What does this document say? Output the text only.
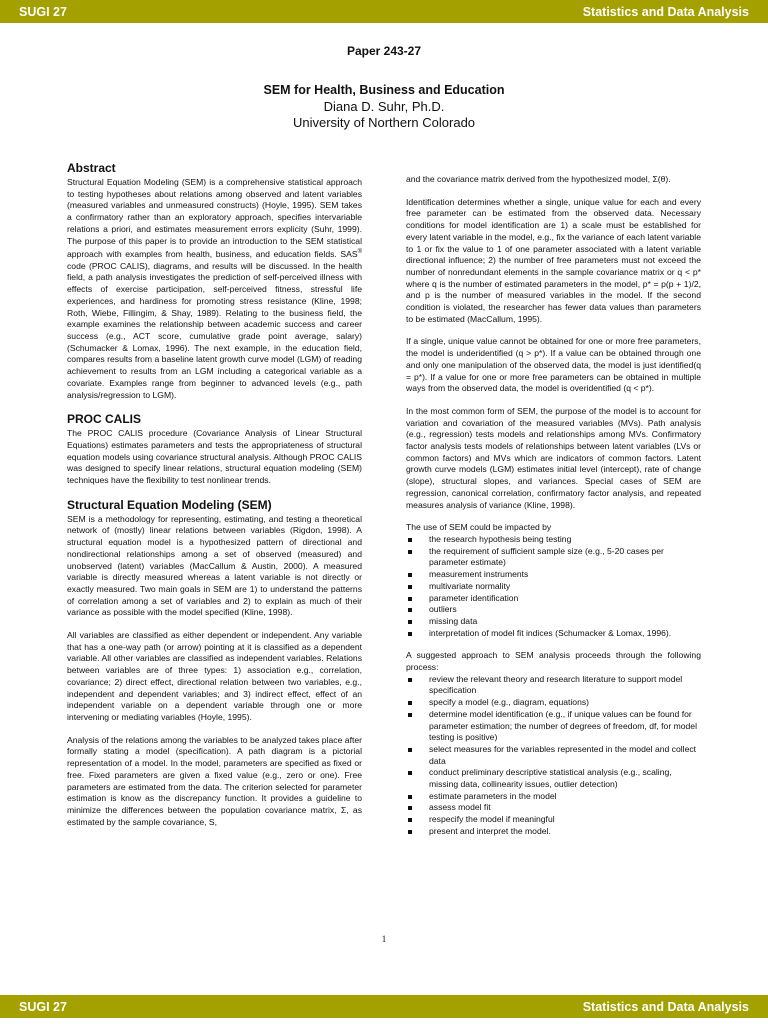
SUGI 27	Statistics and Data Analysis
Paper 243-27
SEM for Health, Business and Education
Diana D. Suhr, Ph.D.
University of Northern Colorado
Abstract

Structural Equation Modeling (SEM) is a comprehensive statistical approach to testing hypotheses about relations among observed and latent variables (measured variables and unmeasured constructs) (Hoyle, 1995). SEM takes a confirmatory rather than an exploratory approach, specifies intervariable relations a priori, and estimates measurement errors explicity (Suhr, 1999). The purpose of this paper is to provide an introduction to the SEM statistical approach with examples from health, business, and education fields. SAS® code (PROC CALIS), diagrams, and results will be discussed. In the health field, a path analysis investigates the prediction of self-perceived illness with effects of exercise participation, self-perceived fitness, stressful life experiences, and hardiness for promoting stress resistance (Kline, 1998; Roth, Wiebe, Fillingim, & Shay, 1989). Relating to the business field, the example examines the relationship between academic success and career success (e.g., ACT score, cumulative grade point average, salary) (Schumacker & Lomax, 1996). The next example, in the education field, compares results from a baseline latent growth curve model (LGM) of reading achievement to results from an LGM including a categorical variable as a covariate. Examples range from beginner to advanced levels (e.g., path analysis/regression to LGM).

PROC CALIS

The PROC CALIS procedure (Covariance Analysis of Linear Structural Equations) estimates parameters and tests the appropriateness of structural equation models using covariance structural analysis. Although PROC CALIS was designed to specify linear relations, structural equation modeling (SEM) techniques have the flexibility to test nonlinear trends.

Structural Equation Modeling (SEM)

SEM is a methodology for representing, estimating, and testing a theoretical network of (mostly) linear relations between variables (Rigdon, 1998). A structural equation model is a hypothesized pattern of directional and nondirectional relationships among a set of observed (measured) and unobserved (latent) variables (MacCallum & Austin, 2000). A measured variable is directly measured whereas a latent variable is not directly or exactly measured. Two main goals in SEM are 1) to understand the patterns of correlation among a set of variables and 2) to explain as much of their variance as possible with the model specified (Kline, 1998).

All variables are classified as either dependent or independent. Any variable that has a one-way path (or arrow) pointing at it is classified as a dependent variable. All other variables are classified as independent variables. Relations between variables are of three types: 1) association e.g., correlation, covariance; 2) direct effect, directional relation between two variables, e.g., independent and dependent variables; and 3) indirect effect, effect of an independent variable on a dependent variable through one or more intervening or mediating variables (Hoyle, 1995).

Analysis of the relations among the variables to be analyzed takes place after formally stating a model (specification). A path diagram is a pictorial representation of a model. In the model, parameters are specified as fixed or free. Fixed parameters are given a fixed value (e.g., zero or one). Free parameters are estimated from the data. The criterion selected for parameter estimation is know as the discrepancy function. It provides a guideline to minimize the differences between the population covariance matrix, Σ, as estimated by the sample covariance, S,

and the covariance matrix derived from the hypothesized model, Σ(θ).

Identification determines whether a single, unique value for each and every free parameter can be estimated from the observed data. Necessary conditions for model identification are 1) a scale must be established for every latent variable in the model, e.g., fix the variance of each latent variable to 1 or fix the value to 1 of one parameter associated with a latent variable directional influence; 2) the number of free parameters must not exceed the number of nonredundant elements in the sample covariance matrix or q < p* where q is the number of estimated parameters in the model, p* = p(p + 1)/2, and p is the number of measured variables in the model. If the second condition is violated, the researcher has fewer data values than parameters to be estimated (MacCallum, 1995).

If a single, unique value cannot be obtained for one or more free parameters, the model is underidentified (q > p*). If a value can be obtained through one and only one manipulation of the observed data, the model is just identified(q = p*). If a value for one or more free parameters can be obtained in multiple ways from the observed data, the model is overidentified (q < p*).

In the most common form of SEM, the purpose of the model is to account for variation and covariation of the measured variables (MVs). Path analysis (e.g., regression) tests models and relationships among MVs. Confirmatory factor analysis tests models of relationships between latent variables (LVs or common factors) and MVs which are indicators of common factors. Latent growth curve models (LGM) estimates initial level (intercept), rate of change (slope), structural slopes, and variances. Special cases of SEM are regression, canonical correlation, confirmatory factor analysis, and repeated measures analysis of variance (Kline, 1998).

The use of SEM could be impacted by
the research hypothesis being testing
the requirement of sufficient sample size (e.g., 5-20 cases per parameter estimate)
measurement instruments
multivariate normality
parameter identification
outliers
missing data
interpretation of model fit indices (Schumacker & Lomax, 1996).
A suggested approach to SEM analysis proceeds through the following process:
review the relevant theory and research literature to support model specification
specify a model (e.g., diagram, equations)
determine model identification (e.g., if unique values can be found for parameter estimation; the number of degrees of freedom, df, for model testing is positive)
select measures for the variables represented in the model and collect data
conduct preliminary descriptive statistical analysis (e.g., scaling, missing data, collinearity issues, outlier detection)
estimate parameters in the model
assess model fit
respecify the model if meaningful
present and interpret the model.
1
SUGI 27	Statistics and Data Analysis
